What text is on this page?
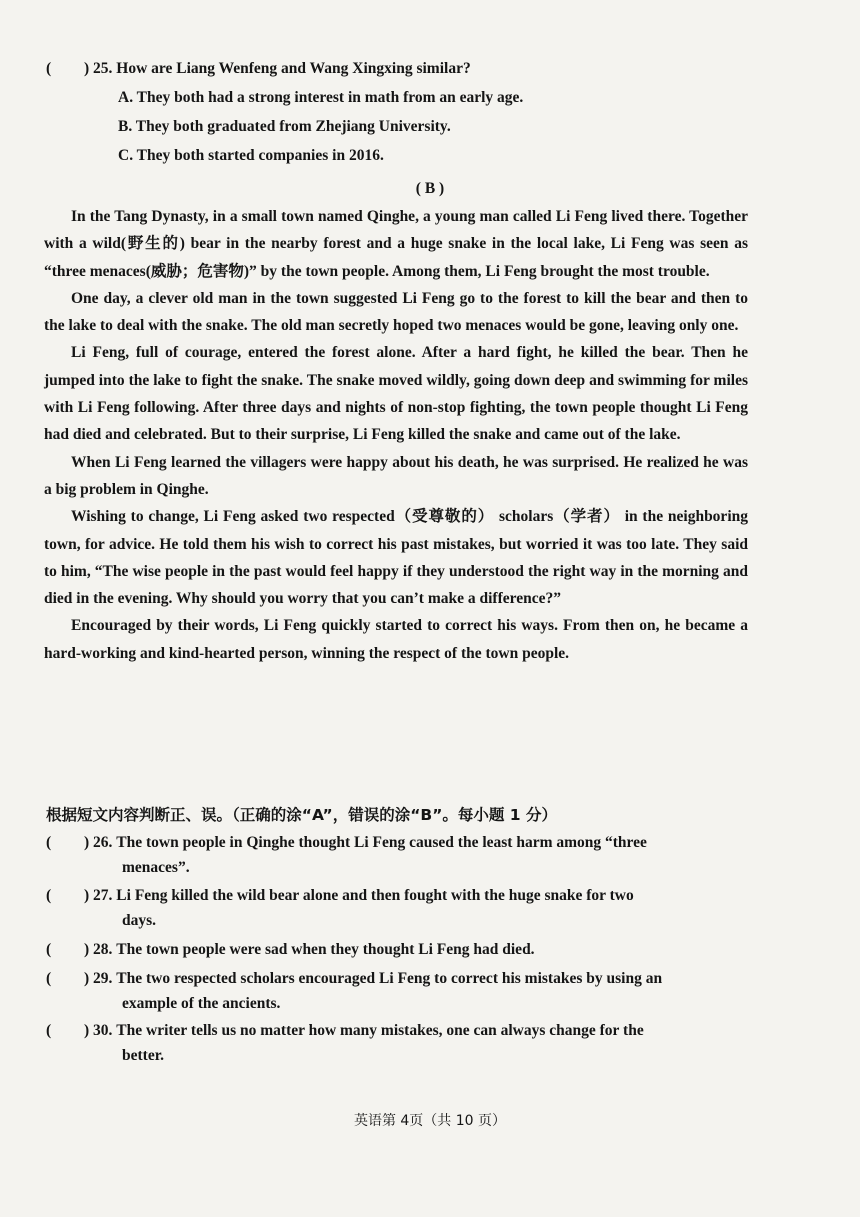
(	) 25. How are Liang Wenfeng and Wang Xingxing similar?
A. They both had a strong interest in math from an early age.
B. They both graduated from Zhejiang University.
C. They both started companies in 2016.
( B )

In the Tang Dynasty, in a small town named Qinghe, a young man called Li Feng lived there. Together with a wild(野生的) bear in the nearby forest and a huge snake in the local lake, Li Feng was seen as “three menaces(威胁；危害物)” by the town people. Among them, Li Feng brought the most trouble.

One day, a clever old man in the town suggested Li Feng go to the forest to kill the bear and then to the lake to deal with the snake. The old man secretly hoped two menaces would be gone, leaving only one.

Li Feng, full of courage, entered the forest alone. After a hard fight, he killed the bear. Then he jumped into the lake to fight the snake. The snake moved wildly, going down deep and swimming for miles with Li Feng following. After three days and nights of non-stop fighting, the town people thought Li Feng had died and celebrated. But to their surprise, Li Feng killed the snake and came out of the lake.

When Li Feng learned the villagers were happy about his death, he was surprised. He realized he was a big problem in Qinghe.

Wishing to change, Li Feng asked two respected（受尊敬的） scholars（学者） in the neighboring town, for advice. He told them his wish to correct his past mistakes, but worried it was too late. They said to him, “The wise people in the past would feel happy if they understood the right way in the morning and died in the evening. Why should you worry that you can’t make a difference?”

Encouraged by their words, Li Feng quickly started to correct his ways. From then on, he became a hard-working and kind-hearted person, winning the respect of the town people.

根据短文内容判断正、误。（正确的涂“A”，错误的涂“B”。每小题 1 分）
(	) 26.
The town people in Qinghe thought Li Feng caused the least harm among “three
menaces”.
(	) 27.
Li Feng killed the wild bear alone and then fought with the huge snake for two
days.
(	) 28.
The town people were sad when they thought Li Feng had died.
(	) 29.
The two respected scholars encouraged Li Feng to correct his mistakes by using an
example of the ancients.
(	) 30.
The writer tells us no matter how many mistakes, one can always change for the
better.
英语第 4页（共 10 页）
